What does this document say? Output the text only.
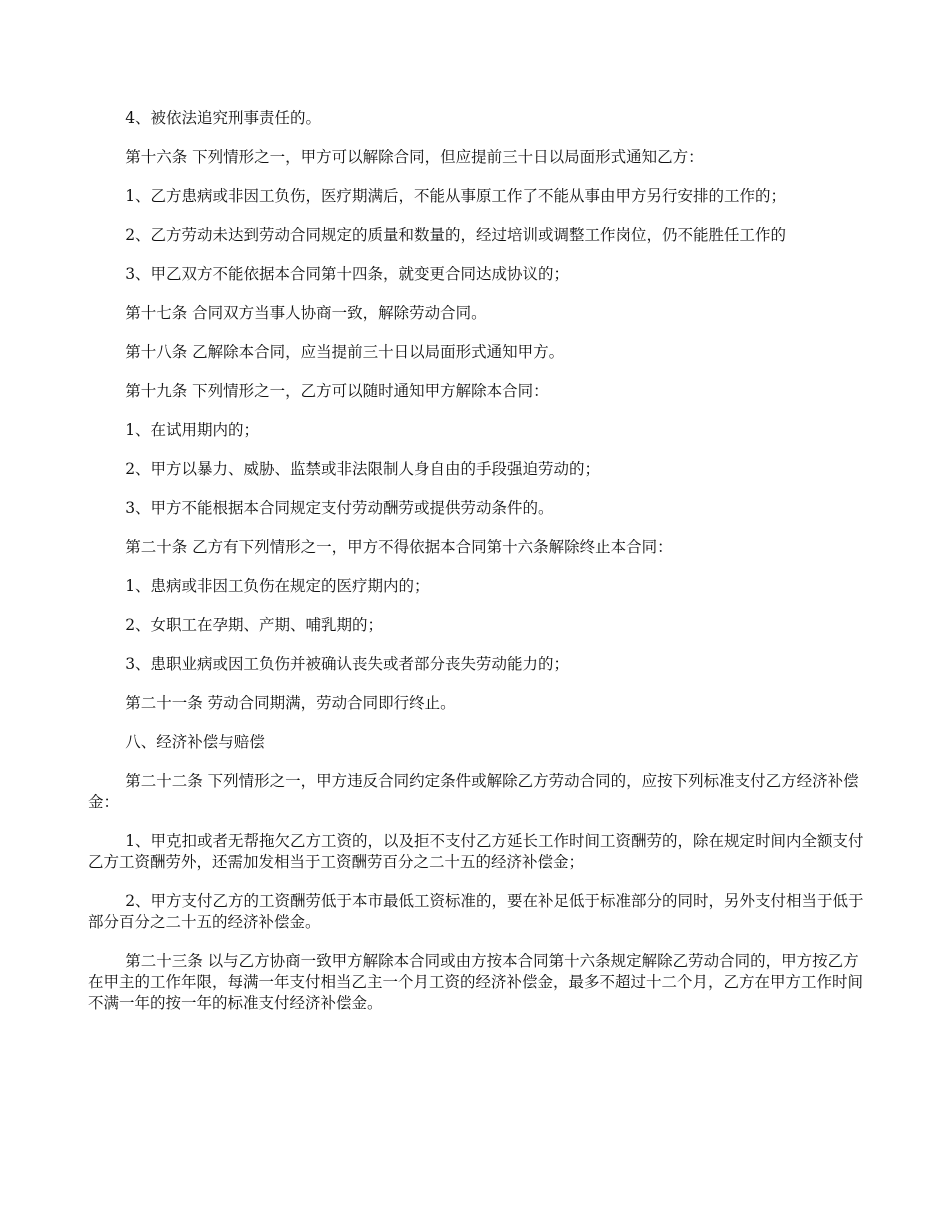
4、被依法追究刑事责任的。

第十六条 下列情形之一，甲方可以解除合同，但应提前三十日以局面形式通知乙方：

1、乙方患病或非因工负伤，医疗期满后，不能从事原工作了不能从事由甲方另行安排的工作的；

2、乙方劳动未达到劳动合同规定的质量和数量的，经过培训或调整工作岗位，仍不能胜任工作的

3、甲乙双方不能依据本合同第十四条，就变更合同达成协议的；

第十七条 合同双方当事人协商一致，解除劳动合同。

第十八条 乙解除本合同，应当提前三十日以局面形式通知甲方。

第十九条 下列情形之一，乙方可以随时通知甲方解除本合同：

1、在试用期内的；

2、甲方以暴力、威胁、监禁或非法限制人身自由的手段强迫劳动的；

3、甲方不能根据本合同规定支付劳动酬劳或提供劳动条件的。

第二十条 乙方有下列情形之一，甲方不得依据本合同第十六条解除终止本合同：

1、患病或非因工负伤在规定的医疗期内的；

2、女职工在孕期、产期、哺乳期的；

3、患职业病或因工负伤并被确认丧失或者部分丧失劳动能力的；

第二十一条 劳动合同期满，劳动合同即行终止。

八、经济补偿与赔偿

第二十二条 下列情形之一，甲方违反合同约定条件或解除乙方劳动合同的，应按下列标准支付乙方经济补偿金：

1、甲克扣或者无帮拖欠乙方工资的，以及拒不支付乙方延长工作时间工资酬劳的，除在规定时间内全额支付乙方工资酬劳外，还需加发相当于工资酬劳百分之二十五的经济补偿金；

2、甲方支付乙方的工资酬劳低于本市最低工资标准的，要在补足低于标准部分的同时，另外支付相当于低于部分百分之二十五的经济补偿金。

第二十三条 以与乙方协商一致甲方解除本合同或由方按本合同第十六条规定解除乙劳动合同的，甲方按乙方在甲主的工作年限，每满一年支付相当乙主一个月工资的经济补偿金，最多不超过十二个月，乙方在甲方工作时间不满一年的按一年的标准支付经济补偿金。
